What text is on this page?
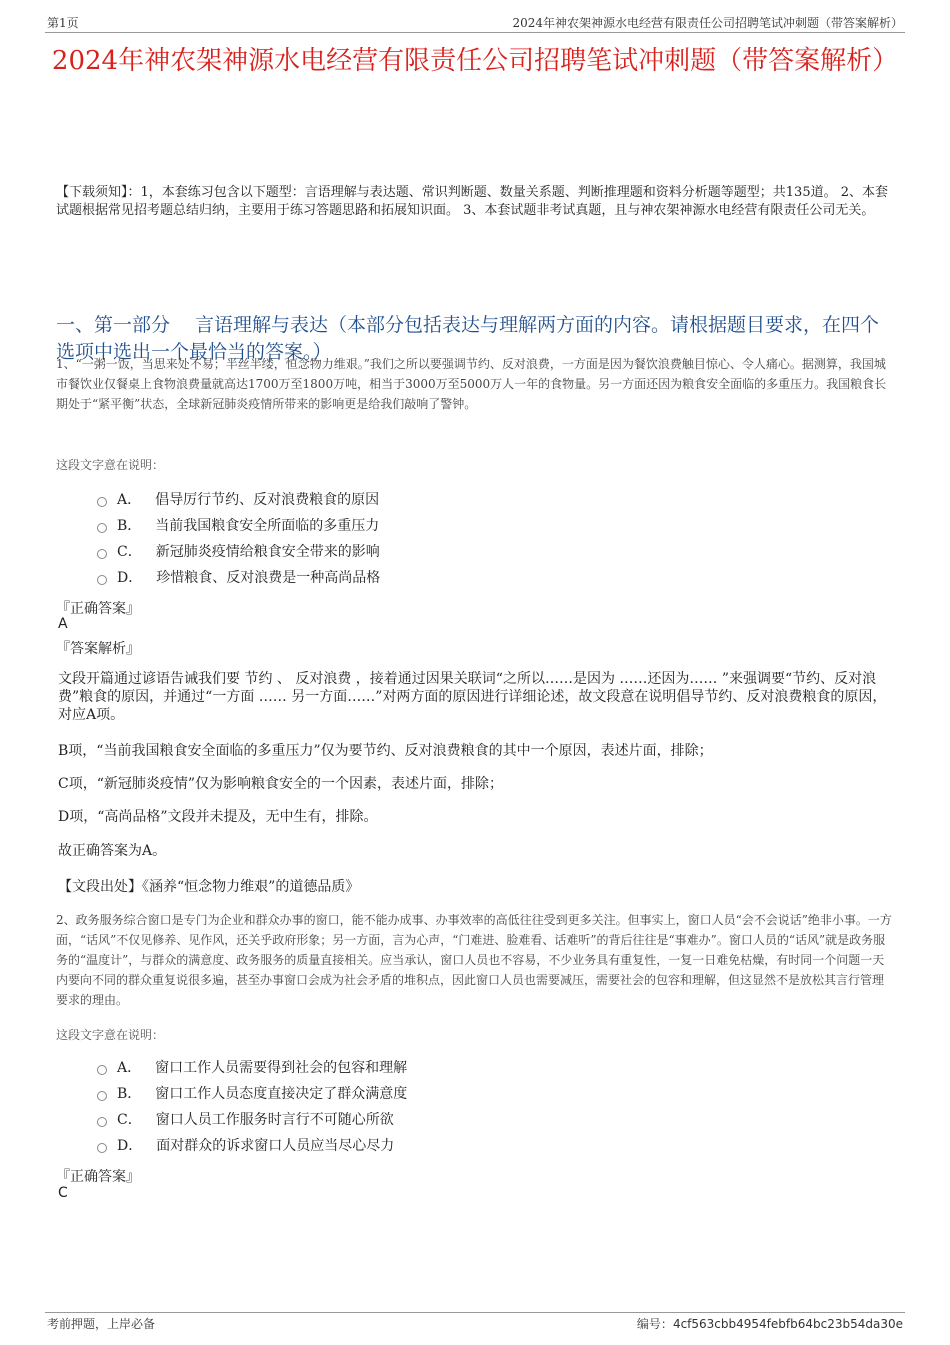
第1页	2024年神农架神源水电经营有限责任公司招聘笔试冲刺题（带答案解析）
2024年神农架神源水电经营有限责任公司招聘笔试冲刺题（带答案解析）
【下载须知】：1，本套练习包含以下题型：言语理解与表达题、常识判断题、数量关系题、判断推理题和资料分析题等题型；共135道。 2、本套试题根据常见招考题总结归纳，主要用于练习答题思路和拓展知识面。 3、本套试题非考试真题，且与神农架神源水电经营有限责任公司无关。
一、第一部分　 言语理解与表达（本部分包括表达与理解两方面的内容。请根据题目要求，在四个选项中选出一个最恰当的答案。）
1、“一粥一饭，当思来处不易；半丝半缕，恒念物力维艰。”我们之所以要强调节约、反对浪费，一方面是因为餐饮浪费触目惊心、令人痛心。据测算，我国城市餐饮业仅餐桌上食物浪费量就高达1700万至1800万吨，相当于3000万至5000万人一年的食物量。另一方面还因为粮食安全面临的多重压力。我国粮食长期处于“紧平衡”状态，全球新冠肺炎疫情所带来的影响更是给我们敲响了警钟。
这段文字意在说明：
A． 倡导厉行节约、反对浪费粮食的原因
B． 当前我国粮食安全所面临的多重压力
C． 新冠肺炎疫情给粮食安全带来的影响
D． 珍惜粮食、反对浪费是一种高尚品格
『正确答案』
A
『答案解析』
文段开篇通过谚语告诫我们要 节约 、 反对浪费 ，接着通过因果关联词“之所以……是因为 ……还因为…… ”来强调要“节约、反对浪费”粮食的原因，并通过“一方面 …… 另一方面……”对两方面的原因进行详细论述，故文段意在说明倡导节约、反对浪费粮食的原因，对应A项。
B项，“当前我国粮食安全面临的多重压力”仅为要节约、反对浪费粮食的其中一个原因，表述片面，排除；
C项，“新冠肺炎疫情”仅为影响粮食安全的一个因素，表述片面，排除；
D项，“高尚品格”文段并未提及，无中生有，排除。
故正确答案为A。
【文段出处】《涵养“恒念物力维艰”的道德品质》
2、政务服务综合窗口是专门为企业和群众办事的窗口，能不能办成事、办事效率的高低往往受到更多关注。但事实上，窗口人员“会不会说话”绝非小事。一方面，“话风”不仅见修养、见作风，还关乎政府形象；另一方面，言为心声，“门难进、脸难看、话难听”的背后往往是“事难办”。窗口人员的“话风”就是政务服务的“温度计”，与群众的满意度、政务服务的质量直接相关。应当承认，窗口人员也不容易，不少业务具有重复性，一复一日难免枯燥，有时同一个问题一天内要向不同的群众重复说很多遍，甚至办事窗口会成为社会矛盾的堆积点，因此窗口人员也需要减压，需要社会的包容和理解，但这显然不是放松其言行管理要求的理由。
这段文字意在说明：
A． 窗口工作人员需要得到社会的包容和理解
B． 窗口工作人员态度直接决定了群众满意度
C． 窗口人员工作服务时言行不可随心所欲
D． 面对群众的诉求窗口人员应当尽心尽力
『正确答案』
C
考前押题，上岸必备	编号：4cf563cbb4954febfb64bc23b54da30e
